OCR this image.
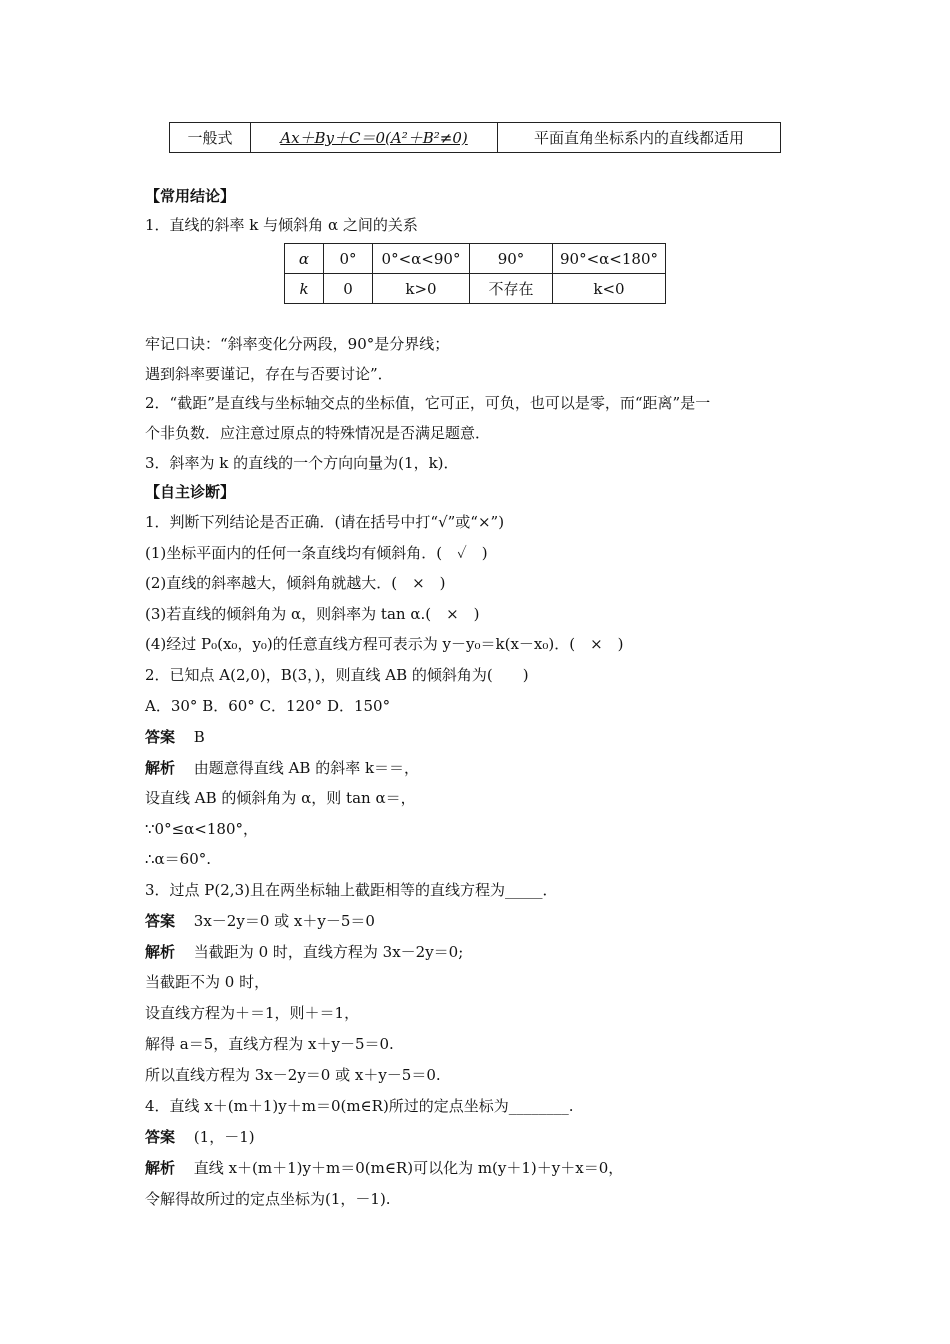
一般式	Ax＋By＋C＝0(A²＋B²≠0)	平面直角坐标系内的直线都适用
【常用结论】
1．直线的斜率 k 与倾斜角 α 之间的关系
α	0°	0°<α<90°	90°	90°<α<180°
k	0	k>0	不存在	k<0
牢记口诀：“斜率变化分两段，90°是分界线；
遇到斜率要谨记，存在与否要讨论”．
2．“截距”是直线与坐标轴交点的坐标值，它可正，可负，也可以是零，而“距离”是一
个非负数．应注意过原点的特殊情况是否满足题意．
3．斜率为 k 的直线的一个方向向量为(1，k)．
【自主诊断】
1．判断下列结论是否正确．(请在括号中打“√”或“×”)
(1)坐标平面内的任何一条直线均有倾斜角．(　✓　)
(2)直线的斜率越大，倾斜角就越大．(　×　)
(3)若直线的倾斜角为 α，则斜率为 tan α.(　×　)
(4)经过 P₀(x₀，y₀)的任意直线方程可表示为 y－y₀＝k(x－x₀)．(　×　)
2．已知点 A(2,0)，B(3，)，则直线 AB 的倾斜角为(　　)
A．30° B．60° C．120° D．150°
答案 B
解析 由题意得直线 AB 的斜率 k＝＝，
设直线 AB 的倾斜角为 α，则 tan α＝，
∵0°≤α<180°，
∴α＝60°.
3．过点 P(2,3)且在两坐标轴上截距相等的直线方程为_____．
答案 3x－2y＝0 或 x＋y－5＝0
解析 当截距为 0 时，直线方程为 3x－2y＝0;
当截距不为 0 时，
设直线方程为＋＝1，则＋＝1，
解得 a＝5，直线方程为 x＋y－5＝0.
所以直线方程为 3x－2y＝0 或 x＋y－5＝0.
4．直线 x＋(m＋1)y＋m＝0(m∈R)所过的定点坐标为________.
答案 (1，－1)
解析 直线 x＋(m＋1)y＋m＝0(m∈R)可以化为 m(y＋1)＋y＋x＝0，
令解得故所过的定点坐标为(1，－1).
